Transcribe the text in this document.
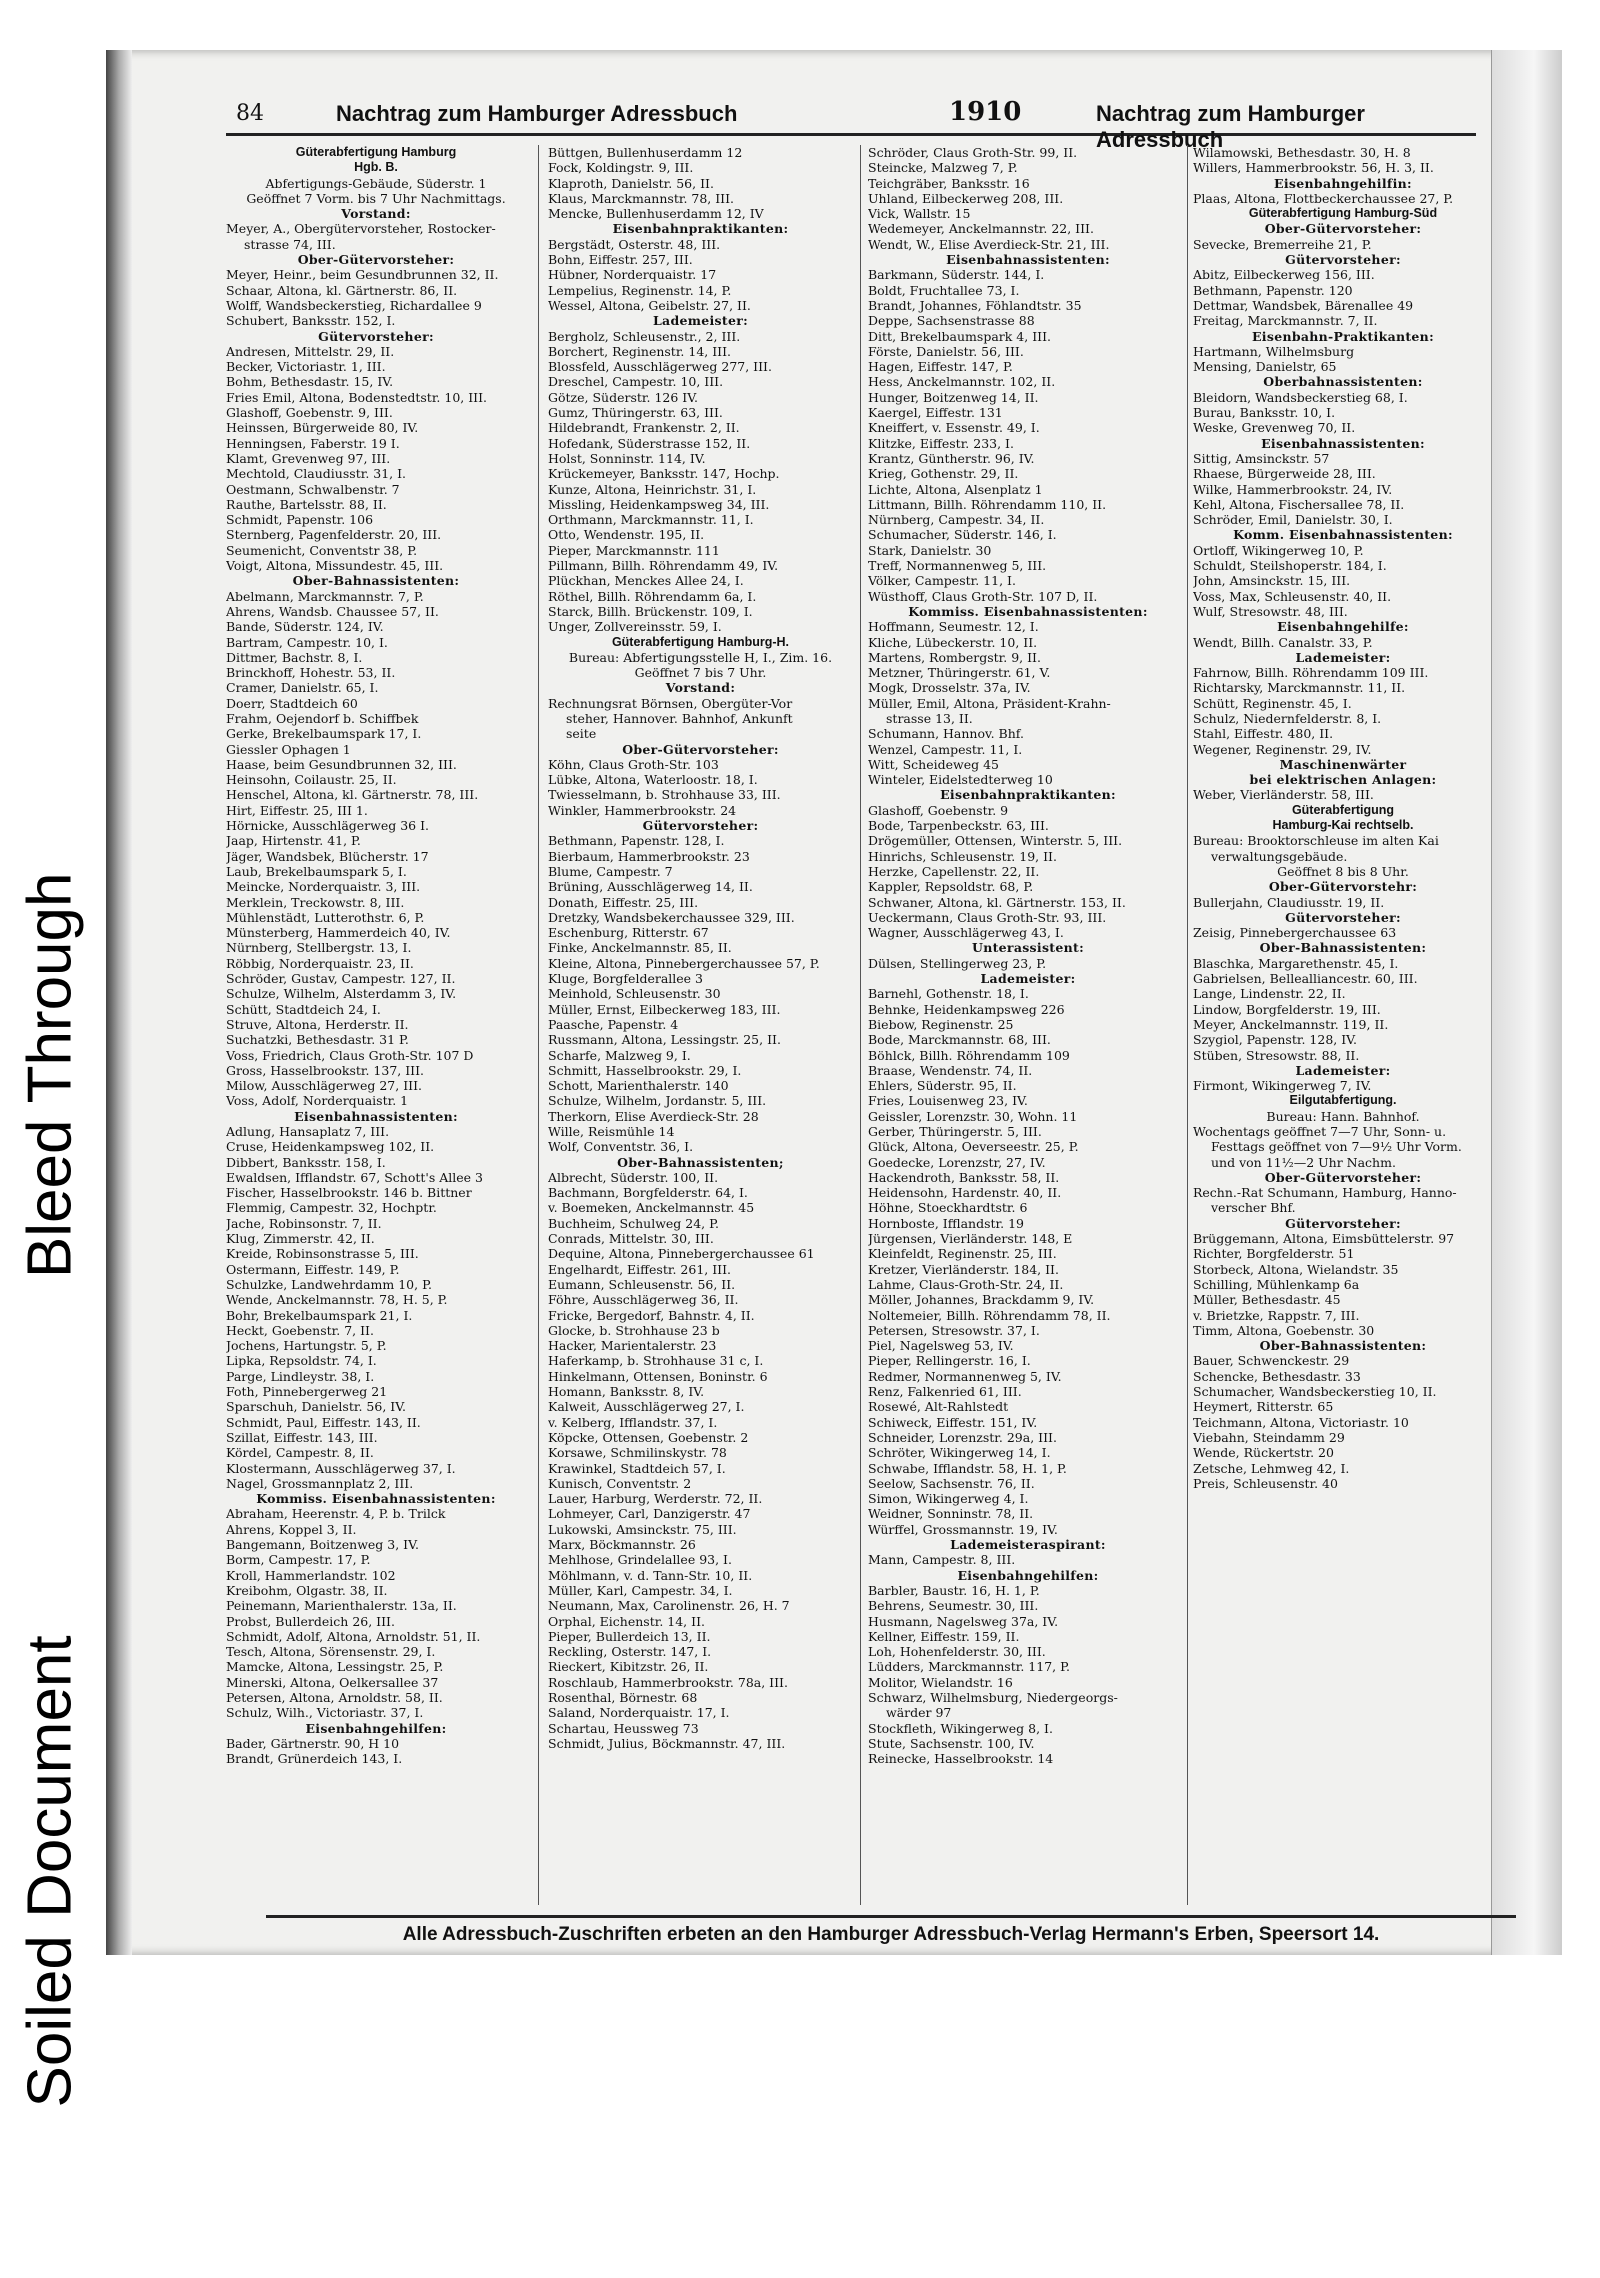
Soiled Document Bleed Through
84	Nachtrag zum Hamburger Adressbuch	1910	Nachtrag zum Hamburger Adressbuch
Güterabfertigung Hamburg
Hgb. B.
Abfertigungs-Gebäude, Süderstr. 1
Geöffnet 7 Vorm. bis 7 Uhr Nachmittags.
Vorstand:
Meyer, A., Obergütervorsteher, Rostocker-
strasse 74, III.
Ober-Gütervorsteher:
Meyer, Heinr., beim Gesundbrunnen 32, II.
Schaar, Altona, kl. Gärtnerstr. 86, II.
Wolff, Wandsbeckerstieg, Richardallee 9
Schubert, Banksstr. 152, I.
Gütervorsteher:
Andresen, Mittelstr. 29, II.
Becker, Victoriastr. 1, III.
Bohm, Bethesdastr. 15, IV.
Fries Emil, Altona, Bodenstedtstr. 10, III.
Glashoff, Goebenstr. 9, III.
Heinssen, Bürgerweide 80, IV.
Henningsen, Faberstr. 19 I.
Klamt, Grevenweg 97, III.
Mechtold, Claudiusstr. 31, I.
Oestmann, Schwalbenstr. 7
Rauthe, Bartelsstr. 88, II.
Schmidt, Papenstr. 106
Sternberg, Pagenfelderstr. 20, III.
Seumenicht, Conventstr 38, P.
Voigt, Altona, Missundestr. 45, III.
Ober-Bahnassistenten:
Abelmann, Marckmannstr. 7, P.
Ahrens, Wandsb. Chaussee 57, II.
Bande, Süderstr. 124, IV.
Bartram, Campestr. 10, I.
Dittmer, Bachstr. 8, I.
Brinckhoff, Hohestr. 53, II.
Cramer, Danielstr. 65, I.
Doerr, Stadtdeich 60
Frahm, Oejendorf b. Schiffbek
Gerke, Brekelbaumspark 17, I.
Giessler Ophagen 1
Haase, beim Gesundbrunnen 32, III.
Heinsohn, Coilaustr. 25, II.
Henschel, Altona, kl. Gärtnerstr. 78, III.
Hirt, Eiffestr. 25, III 1.
Hörnicke, Ausschlägerweg 36 I.
Jaap, Hirtenstr. 41, P.
Jäger, Wandsbek, Blücherstr. 17
Laub, Brekelbaumspark 5, I.
Meincke, Norderquaistr. 3, III.
Merklein, Treckowstr. 8, III.
Mühlenstädt, Lutterothstr. 6, P.
Münsterberg, Hammerdeich 40, IV.
Nürnberg, Stellbergstr. 13, I.
Röbbig, Norderquaistr. 23, II.
Schröder, Gustav, Campestr. 127, II.
Schulze, Wilhelm, Alsterdamm 3, IV.
Schütt, Stadtdeich 24, I.
Struve, Altona, Herderstr. II.
Suchatzki, Bethesdastr. 31 P.
Voss, Friedrich, Claus Groth-Str. 107 D
Gross, Hasselbrookstr. 137, III.
Milow, Ausschlägerweg 27, III.
Voss, Adolf, Norderquaistr. 1
Eisenbahnassistenten:
Adlung, Hansaplatz 7, III.
Cruse, Heidenkampsweg 102, II.
Dibbert, Banksstr. 158, I.
Ewaldsen, Ifflandstr. 67, Schott's Allee 3
Fischer, Hasselbrookstr. 146 b. Bittner
Flemmig, Campestr. 32, Hochptr.
Jache, Robinsonstr. 7, II.
Klug, Zimmerstr. 42, II.
Kreide, Robinsonstrasse 5, III.
Ostermann, Eiffestr. 149, P.
Schulzke, Landwehrdamm 10, P.
Wende, Anckelmannstr. 78, H. 5, P.
Bohr, Brekelbaumspark 21, I.
Heckt, Goebenstr. 7, II.
Jochens, Hartungstr. 5, P.
Lipka, Repsoldstr. 74, I.
Parge, Lindleystr. 38, I.
Foth, Pinnebergerweg 21
Sparschuh, Danielstr. 56, IV.
Schmidt, Paul, Eiffestr. 143, II.
Szillat, Eiffestr. 143, III.
Kördel, Campestr. 8, II.
Klostermann, Ausschlägerweg 37, I.
Nagel, Grossmannplatz 2, III.
Kommiss. Eisenbahnassistenten:
Abraham, Heerenstr. 4, P. b. Trilck
Ahrens, Koppel 3, II.
Bangemann, Boitzenweg 3, IV.
Borm, Campestr. 17, P.
Kroll, Hammerlandstr. 102
Kreibohm, Olgastr. 38, II.
Peinemann, Marienthalerstr. 13a, II.
Probst, Bullerdeich 26, III.
Schmidt, Adolf, Altona, Arnoldstr. 51, II.
Tesch, Altona, Sörensenstr. 29, I.
Mamcke, Altona, Lessingstr. 25, P.
Minerski, Altona, Oelkersallee 37
Petersen, Altona, Arnoldstr. 58, II.
Schulz, Wilh., Victoriastr. 37, I.
Eisenbahngehilfen:
Bader, Gärtnerstr. 90, H 10
Brandt, Grünerdeich 143, I.
Büttgen, Bullenhuserdamm 12
Fock, Koldingstr. 9, III.
Klaproth, Danielstr. 56, II.
Klaus, Marckmannstr. 78, III.
Mencke, Bullenhuserdamm 12, IV
Eisenbahnpraktikanten:
Bergstädt, Osterstr. 48, III.
Bohn, Eiffestr. 257, III.
Hübner, Norderquaistr. 17
Lempelius, Reginenstr. 14, P.
Wessel, Altona, Geibelstr. 27, II.
Lademeister:
Bergholz, Schleusenstr., 2, III.
Borchert, Reginenstr. 14, III.
Blossfeld, Ausschlägerweg 277, III.
Dreschel, Campestr. 10, III.
Götze, Süderstr. 126 IV.
Gumz, Thüringerstr. 63, III.
Hildebrandt, Frankenstr. 2, II.
Hofedank, Süderstrasse 152, II.
Holst, Sonninstr. 114, IV.
Krückemeyer, Banksstr. 147, Hochp.
Kunze, Altona, Heinrichstr. 31, I.
Missling, Heidenkampsweg 34, III.
Orthmann, Marckmannstr. 11, I.
Otto, Wendenstr. 195, II.
Pieper, Marckmannstr. 111
Pillmann, Billh. Röhrendamm 49, IV.
Plückhan, Menckes Allee 24, I.
Röthel, Billh. Röhrendamm 6a, I.
Starck, Billh. Brückenstr. 109, I.
Unger, Zollvereinsstr. 59, I.
Güterabfertigung Hamburg-H.
Bureau: Abfertigungsstelle H, I., Zim. 16.
Geöffnet 7 bis 7 Uhr.
Vorstand:
Rechnungsrat Börnsen, Obergüter-Vor
steher, Hannover. Bahnhof, Ankunft
seite
Ober-Gütervorsteher:
Köhn, Claus Groth-Str. 103
Lübke, Altona, Waterloostr. 18, I.
Twiesselmann, b. Strohhause 33, III.
Winkler, Hammerbrookstr. 24
Gütervorsteher:
Bethmann, Papenstr. 128, I.
Bierbaum, Hammerbrookstr. 23
Blume, Campestr. 7
Brüning, Ausschlägerweg 14, II.
Donath, Eiffestr. 25, III.
Dretzky, Wandsbekerchaussee 329, III.
Eschenburg, Ritterstr. 67
Finke, Anckelmannstr. 85, II.
Kleine, Altona, Pinnebergerchaussee 57, P.
Kluge, Borgfelderallee 3
Meinhold, Schleusenstr. 30
Müller, Ernst, Eilbeckerweg 183, III.
Paasche, Papenstr. 4
Russmann, Altona, Lessingstr. 25, II.
Scharfe, Malzweg 9, I.
Schmitt, Hasselbrookstr. 29, I.
Schott, Marienthalerstr. 140
Schulze, Wilhelm, Jordanstr. 5, III.
Therkorn, Elise Averdieck-Str. 28
Wille, Reismühle 14
Wolf, Conventstr. 36, I.
Ober-Bahnassistenten;
Albrecht, Süderstr. 100, II.
Bachmann, Borgfelderstr. 64, I.
v. Boemeken, Anckelmannstr. 45
Buchheim, Schulweg 24, P.
Conrads, Mittelstr. 30, III.
Dequine, Altona, Pinnebergerchaussee 61
Engelhardt, Eiffestr. 261, III.
Eumann, Schleusenstr. 56, II.
Föhre, Ausschlägerweg 36, II.
Fricke, Bergedorf, Bahnstr. 4, II.
Glocke, b. Strohhause 23 b
Hacker, Marientalerstr. 23
Haferkamp, b. Strohhause 31 c, I.
Hinkelmann, Ottensen, Boninstr. 6
Homann, Banksstr. 8, IV.
Kalweit, Ausschlägerweg 27, I.
v. Kelberg, Ifflandstr. 37, I.
Köpcke, Ottensen, Goebenstr. 2
Korsawe, Schmilinskystr. 78
Krawinkel, Stadtdeich 57, I.
Kunisch, Conventstr. 2
Lauer, Harburg, Werderstr. 72, II.
Lohmeyer, Carl, Danzigerstr. 47
Lukowski, Amsinckstr. 75, III.
Marx, Böckmannstr. 26
Mehlhose, Grindelallee 93, I.
Möhlmann, v. d. Tann-Str. 10, II.
Müller, Karl, Campestr. 34, I.
Neumann, Max, Carolinenstr. 26, H. 7
Orphal, Eichenstr. 14, II.
Pieper, Bullerdeich 13, II.
Reckling, Osterstr. 147, I.
Rieckert, Kibitzstr. 26, II.
Roschlaub, Hammerbrookstr. 78a, III.
Rosenthal, Börnestr. 68
Saland, Norderquaistr. 17, I.
Schartau, Heussweg 73
Schmidt, Julius, Böckmannstr. 47, III.
Schröder, Claus Groth-Str. 99, II.
Steincke, Malzweg 7, P.
Teichgräber, Banksstr. 16
Uhland, Eilbeckerweg 208, III.
Vick, Wallstr. 15
Wedemeyer, Anckelmannstr. 22, III.
Wendt, W., Elise Averdieck-Str. 21, III.
Eisenbahnassistenten:
Barkmann, Süderstr. 144, I.
Boldt, Fruchtallee 73, I.
Brandt, Johannes, Föhlandtstr. 35
Deppe, Sachsenstrasse 88
Ditt, Brekelbaumspark 4, III.
Förste, Danielstr. 56, III.
Hagen, Eiffestr. 147, P.
Hess, Anckelmannstr. 102, II.
Hunger, Boitzenweg 14, II.
Kaergel, Eiffestr. 131
Kneiffert, v. Essenstr. 49, I.
Klitzke, Eiffestr. 233, I.
Krantz, Güntherstr. 96, IV.
Krieg, Gothenstr. 29, II.
Lichte, Altona, Alsenplatz 1
Littmann, Billh. Röhrendamm 110, II.
Nürnberg, Campestr. 34, II.
Schumacher, Süderstr. 146, I.
Stark, Danielstr. 30
Treff, Normannenweg 5, III.
Völker, Campestr. 11, I.
Wüsthoff, Claus Groth-Str. 107 D, II.
Kommiss. Eisenbahnassistenten:
Hoffmann, Seumestr. 12, I.
Kliche, Lübeckerstr. 10, II.
Martens, Rombergstr. 9, II.
Metzner, Thüringerstr. 61, V.
Mogk, Drosselstr. 37a, IV.
Müller, Emil, Altona, Präsident-Krahn-
strasse 13, II.
Schumann, Hannov. Bhf.
Wenzel, Campestr. 11, I.
Witt, Scheideweg 45
Winteler, Eidelstedterweg 10
Eisenbahnpraktikanten:
Glashoff, Goebenstr. 9
Bode, Tarpenbeckstr. 63, III.
Drögemüller, Ottensen, Winterstr. 5, III.
Hinrichs, Schleusenstr. 19, II.
Herzke, Capellenstr. 22, II.
Kappler, Repsoldstr. 68, P.
Schwaner, Altona, kl. Gärtnerstr. 153, II.
Ueckermann, Claus Groth-Str. 93, III.
Wagner, Ausschlägerweg 43, I.
Unterassistent:
Dülsen, Stellingerweg 23, P.
Lademeister:
Barnehl, Gothenstr. 18, I.
Behnke, Heidenkampsweg 226
Biebow, Reginenstr. 25
Bode, Marckmannstr. 68, III.
Böhlck, Billh. Röhrendamm 109
Braase, Wendenstr. 74, II.
Ehlers, Süderstr. 95, II.
Fries, Louisenweg 23, IV.
Geissler, Lorenzstr. 30, Wohn. 11
Gerber, Thüringerstr. 5, III.
Glück, Altona, Oeverseestr. 25, P.
Goedecke, Lorenzstr, 27, IV.
Hackendroth, Banksstr. 58, II.
Heidensohn, Hardenstr. 40, II.
Höhne, Stoeckhardtstr. 6
Hornboste, Ifflandstr. 19
Jürgensen, Vierländerstr. 148, E
Kleinfeldt, Reginenstr. 25, III.
Kretzer, Vierländerstr. 184, II.
Lahme, Claus-Groth-Str. 24, II.
Möller, Johannes, Brackdamm 9, IV.
Noltemeier, Billh. Röhrendamm 78, II.
Petersen, Stresowstr. 37, I.
Piel, Nagelsweg 53, IV.
Pieper, Rellingerstr. 16, I.
Redmer, Normannenweg 5, IV.
Renz, Falkenried 61, III.
Rosewé, Alt-Rahlstedt
Schiweck, Eiffestr. 151, IV.
Schneider, Lorenzstr. 29a, III.
Schröter, Wikingerweg 14, I.
Schwabe, Ifflandstr. 58, H. 1, P.
Seelow, Sachsenstr. 76, II.
Simon, Wikingerweg 4, I.
Weidner, Sonninstr. 78, II.
Würffel, Grossmannstr. 19, IV.
Lademeisteraspirant:
Mann, Campestr. 8, III.
Eisenbahngehilfen:
Barbler, Baustr. 16, H. 1, P.
Behrens, Seumestr. 30, III.
Husmann, Nagelsweg 37a, IV.
Kellner, Eiffestr. 159, II.
Loh, Hohenfelderstr. 30, III.
Lüdders, Marckmannstr. 117, P.
Molitor, Wielandstr. 16
Schwarz, Wilhelmsburg, Niedergeorgs-
wärder 97
Stockfleth, Wikingerweg 8, I.
Stute, Sachsenstr. 100, IV.
Reinecke, Hasselbrookstr. 14
Wilamowski, Bethesdastr. 30, H. 8
Willers, Hammerbrookstr. 56, H. 3, II.
Eisenbahngehilfin:
Plaas, Altona, Flottbeckerchaussee 27, P.
Güterabfertigung Hamburg-Süd
Ober-Gütervorsteher:
Sevecke, Bremerreihe 21, P.
Gütervorsteher:
Abitz, Eilbeckerweg 156, III.
Bethmann, Papenstr. 120
Dettmar, Wandsbek, Bärenallee 49
Freitag, Marckmannstr. 7, II.
Eisenbahn-Praktikanten:
Hartmann, Wilhelmsburg
Mensing, Danielstr, 65
Oberbahnassistenten:
Bleidorn, Wandsbeckerstieg 68, I.
Burau, Banksstr. 10, I.
Weske, Grevenweg 70, II.
Eisenbahnassistenten:
Sittig, Amsinckstr. 57
Rhaese, Bürgerweide 28, III.
Wilke, Hammerbrookstr. 24, IV.
Kehl, Altona, Fischersallee 78, II.
Schröder, Emil, Danielstr. 30, I.
Komm. Eisenbahnassistenten:
Ortloff, Wikingerweg 10, P.
Schuldt, Steilshoperstr. 184, I.
John, Amsinckstr. 15, III.
Voss, Max, Schleusenstr. 40, II.
Wulf, Stresowstr. 48, III.
Eisenbahngehilfe:
Wendt, Billh. Canalstr. 33, P.
Lademeister:
Fahrnow, Billh. Röhrendamm 109 III.
Richtarsky, Marckmannstr. 11, II.
Schütt, Reginenstr. 45, I.
Schulz, Niedernfelderstr. 8, I.
Stahl, Eiffestr. 480, II.
Wegener, Reginenstr. 29, IV.
Maschinenwärter
bei elektrischen Anlagen:
Weber, Vierländerstr. 58, III.
Güterabfertigung
Hamburg-Kai rechtselb.
Bureau: Brooktorschleuse im alten Kai
verwaltungsgebäude.
Geöffnet 8 bis 8 Uhr.
Ober-Gütervorstehr:
Bullerjahn, Claudiusstr. 19, II.
Gütervorsteher:
Zeisig, Pinnebergerchaussee 63
Ober-Bahnassistenten:
Blaschka, Margarethenstr. 45, I.
Gabrielsen, Bellealliancestr. 60, III.
Lange, Lindenstr. 22, II.
Lindow, Borgfelderstr. 19, III.
Meyer, Anckelmannstr. 119, II.
Szygiol, Papenstr. 128, IV.
Stüben, Stresowstr. 88, II.
Lademeister:
Firmont, Wikingerweg 7, IV.
Eilgutabfertigung.
Bureau: Hann. Bahnhof.
Wochentags geöffnet 7—7 Uhr, Sonn- u.
Festtags geöffnet von 7—9½ Uhr Vorm.
und von 11½—2 Uhr Nachm.
Ober-Gütervorsteher:
Rechn.-Rat Schumann, Hamburg, Hanno-
verscher Bhf.
Gütervorsteher:
Brüggemann, Altona, Eimsbüttelerstr. 97
Richter, Borgfelderstr. 51
Storbeck, Altona, Wielandstr. 35
Schilling, Mühlenkamp 6a
Müller, Bethesdastr. 45
v. Brietzke, Rappstr. 7, III.
Timm, Altona, Goebenstr. 30
Ober-Bahnassistenten:
Bauer, Schwenckestr. 29
Schencke, Bethesdastr. 33
Schumacher, Wandsbeckerstieg 10, II.
Heymert, Ritterstr. 65
Teichmann, Altona, Victoriastr. 10
Viebahn, Steindamm 29
Wende, Rückertstr. 20
Zetsche, Lehmweg 42, I.
Preis, Schleusenstr. 40
Alle Adressbuch-Zuschriften erbeten an den Hamburger Adressbuch-Verlag Hermann's Erben, Speersort 14.
